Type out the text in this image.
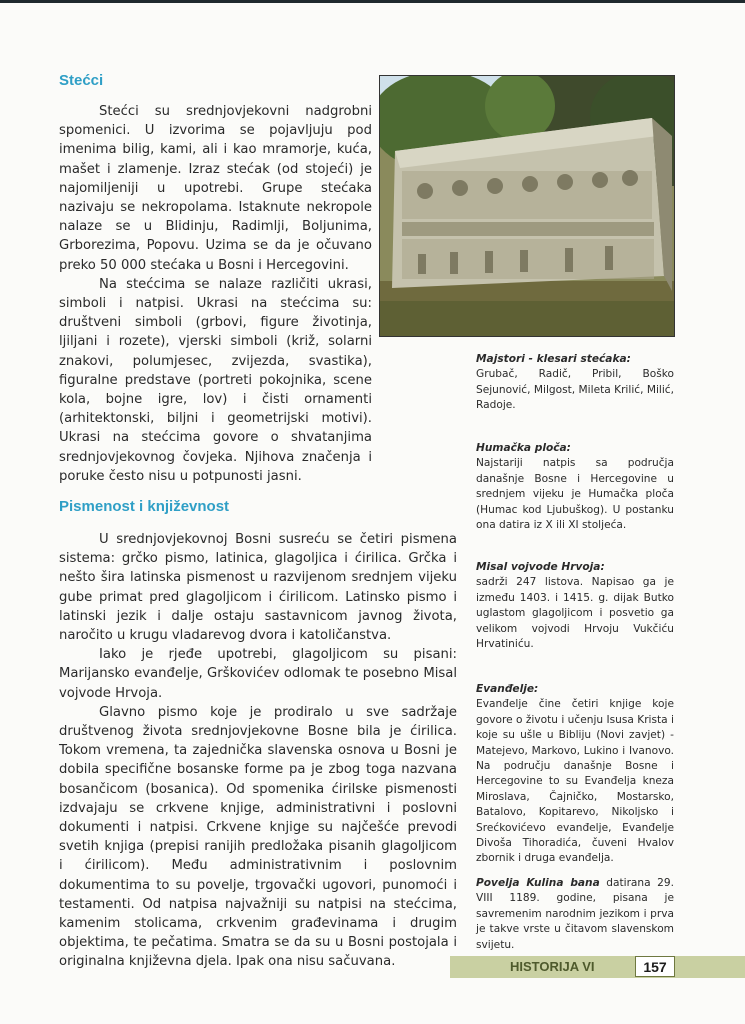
Stećci

Stećci su srednjovjekovni nadgrobni spomenici. U izvorima se pojavljuju pod imenima bilig, kami, ali i kao mramorje, kuća, mašet i zlamenje. Izraz stećak (od stojeći) je najomiljeniji u upotrebi. Grupe stećaka nazivaju se nekropolama. Istaknute nekropole nalaze se u Blidinju, Radimlji, Boljunima, Grborezima, Popovu. Uzima se da je očuvano preko 50 000 stećaka u Bosni i Hercegovini.

Na stećcima se nalaze različiti ukrasi, simboli i natpisi. Ukrasi na stećcima su: društveni simboli (grbovi, figure životinja, ljiljani i rozete), vjerski simboli (križ, solarni znakovi, polumjesec, zvijezda, svastika), figuralne predstave (portreti pokojnika, scene kola, bojne igre, lov) i čisti ornamenti (arhitektonski, biljni i geometrijski motivi). Ukrasi na stećcima govore o shvatanjima srednjovjekovnog čovjeka. Njihova značenja i poruke često nisu u potpunosti jasni.

Pismenost i književnost

U srednjovjekovnoj Bosni susreću se četiri pismena sistema: grčko pismo, latinica, glagoljica i ćirilica. Grčka i nešto šira latinska pismenost u razvijenom srednjem vijeku gube primat pred glagoljicom i ćirilicom. Latinsko pismo i latinski jezik i dalje ostaju sastavnicom javnog života, naročito u krugu vladarevog dvora i katoličanstva.

Iako je rjeđe upotrebi, glagoljicom su pisani: Marijansko evanđelje, Grškovićev odlomak te posebno Misal vojvode Hrvoja.

Glavno pismo koje je prodiralo u sve sadržaje društvenog života srednjovjekovne Bosne bila je ćirilica. Tokom vremena, ta zajednička slavenska osnova u Bosni je dobila specifične bosanske forme pa je zbog toga nazvana bosančicom (bosanica). Od spomenika ćirilske pismenosti izdvajaju se crkvene knjige, administrativni i poslovni dokumenti i natpisi. Crkvene knjige su najčešće prevodi svetih knjiga (prepisi ranijih predložaka pisanih glagoljicom i ćirilicom). Među administrativnim i poslovnim dokumentima to su povelje, trgovački ugovori, punomoći i testamenti. Od natpisa najvažniji su natpisi na stećcima, kamenim stolicama, crkvenim građevinama i drugim objektima, te pečatima. Smatra se da su u Bosni postojala i originalna književna djela. Ipak ona nisu sačuvana.

Majstori - klesari stećaka:
Grubač, Radič, Pribil, Boško Sejunović, Milgost, Mileta Krilić, Milić, Radoje.
Humačka ploča:
Najstariji natpis sa područja današnje Bosne i Hercegovine u srednjem vijeku je Humačka ploča (Humac kod Ljubuškog). U postanku ona datira iz X ili XI stoljeća.
Misal vojvode Hrvoja:
sadrži 247 listova. Napisao ga je između 1403. i 1415. g. dijak Butko uglastom glagoljicom i posvetio ga velikom vojvodi Hrvoju Vukčiću Hrvatiniću.
Evanđelje:
Evanđelje čine četiri knjige koje govore o životu i učenju Isusa Krista i koje su ušle u Bibliju (Novi zavjet) - Matejevo, Markovo, Lukino i Ivanovo. Na području današnje Bosne i Hercegovine to su Evanđelja kneza Miroslava, Čajničko, Mostarsko, Batalovo, Kopitarevo, Nikoljsko i Srećkovićevo evanđelje, Evanđelje Divoša Tihoradića, čuveni Hvalov zbornik i druga evanđelja.
Povelja Kulina bana datirana 29. VIII 1189. godine, pisana je savremenim narodnim jezikom i prva je takve vrste u čitavom slavenskom svijetu.
HISTORIJA VI	157
